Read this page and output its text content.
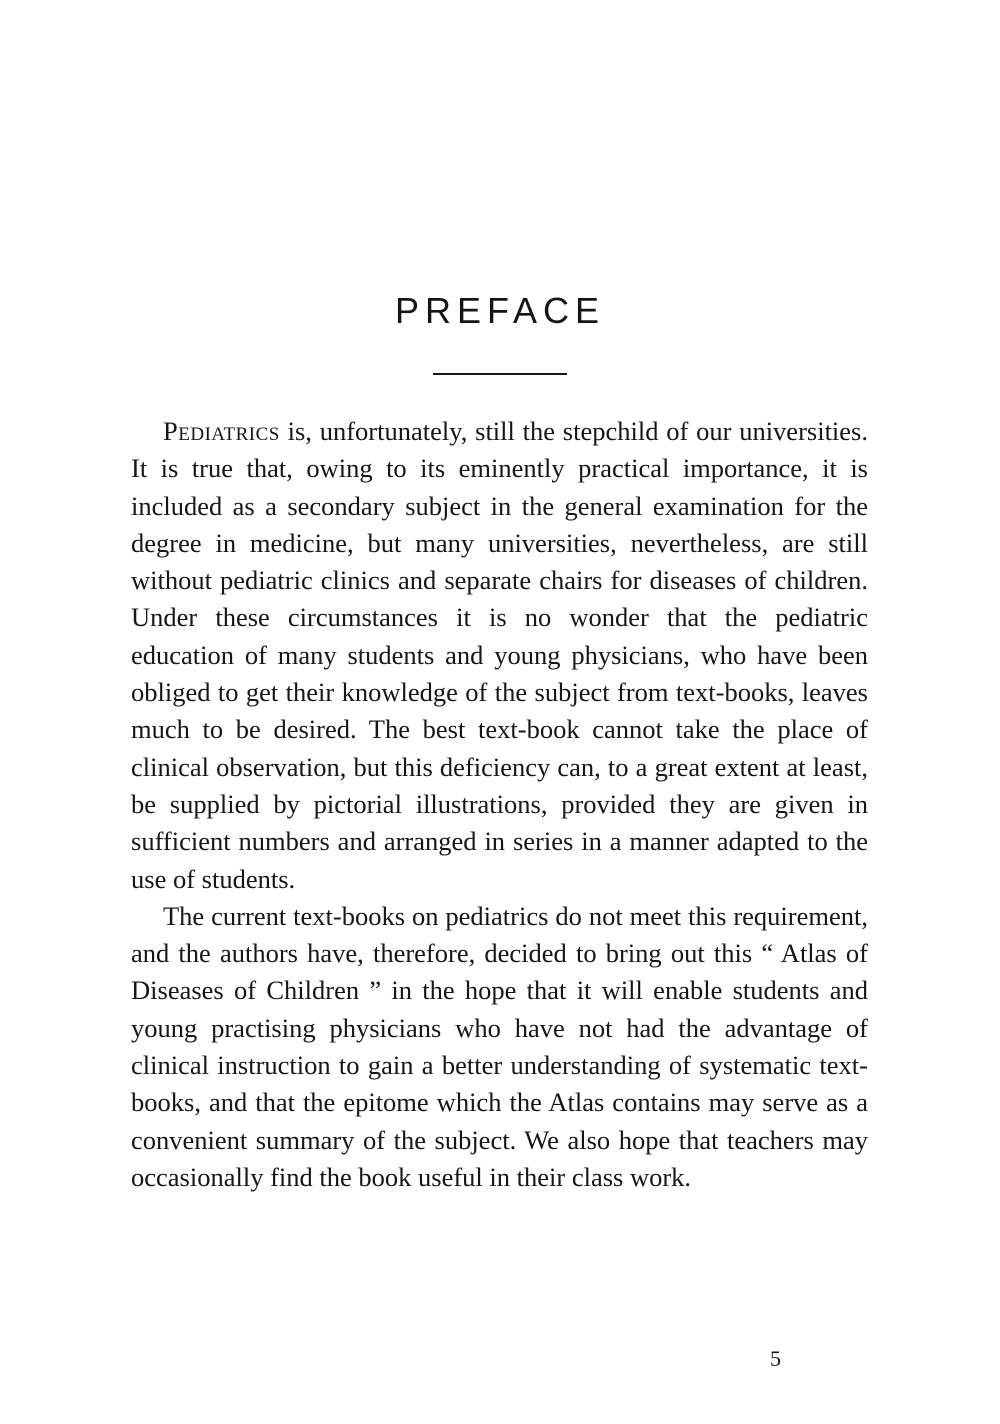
PREFACE

Pediatrics is, unfortunately, still the stepchild of our universities. It is true that, owing to its eminently practical importance, it is included as a secondary subject in the general examination for the degree in medicine, but many universities, nevertheless, are still without pediatric clinics and separate chairs for diseases of children. Under these circumstances it is no wonder that the pediatric education of many students and young physicians, who have been obliged to get their knowledge of the subject from text-books, leaves much to be desired. The best text-book cannot take the place of clinical observation, but this deficiency can, to a great extent at least, be supplied by pictorial illustrations, provided they are given in sufficient numbers and arranged in series in a manner adapted to the use of students.

The current text-books on pediatrics do not meet this requirement, and the authors have, therefore, decided to bring out this “ Atlas of Diseases of Children ” in the hope that it will enable students and young practising physicians who have not had the advantage of clinical instruction to gain a better understanding of systematic text-books, and that the epitome which the Atlas contains may serve as a convenient summary of the subject. We also hope that teachers may occasionally find the book useful in their class work.

5
